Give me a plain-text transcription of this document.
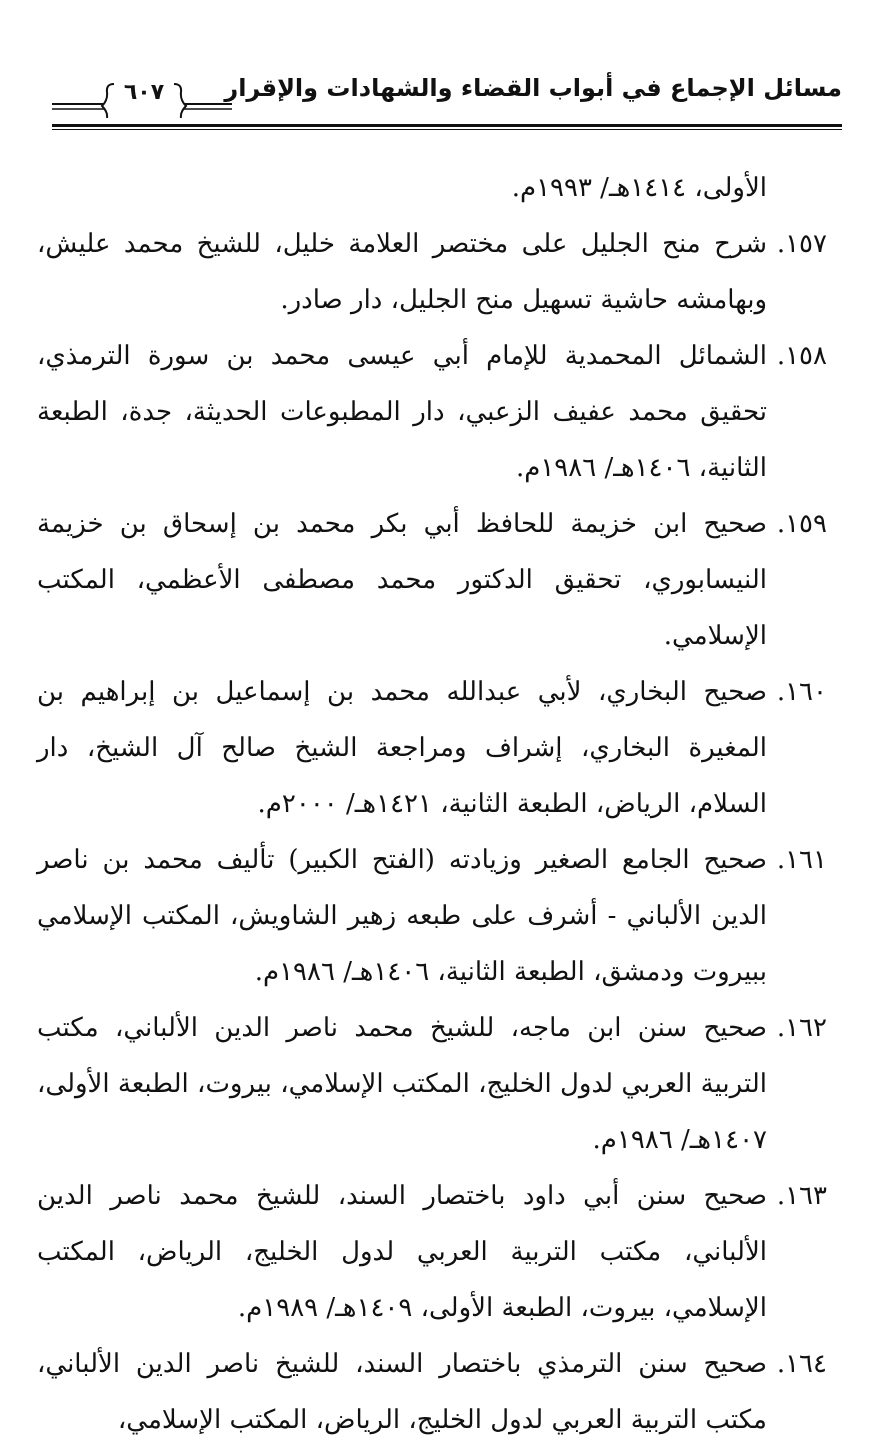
مسائل الإجماع في أبواب القضاء والشهادات والإقرار
٦٠٧
الأولى، ١٤١٤هـ/ ١٩٩٣م.
١٥٧.
شرح منح الجليل على مختصر العلامة خليل، للشيخ محمد عليش، وبهامشه حاشية تسهيل منح الجليل، دار صادر.
١٥٨.
الشمائل المحمدية للإمام أبي عيسى محمد بن سورة الترمذي، تحقيق محمد عفيف الزعبي، دار المطبوعات الحديثة، جدة، الطبعة الثانية، ١٤٠٦هـ/ ١٩٨٦م.
١٥٩.
صحيح ابن خزيمة للحافظ أبي بكر محمد بن إسحاق بن خزيمة النيسابوري، تحقيق الدكتور محمد مصطفى الأعظمي، المكتب الإسلامي.
١٦٠.
صحيح البخاري، لأبي عبدالله محمد بن إسماعيل بن إبراهيم بن المغيرة البخاري، إشراف ومراجعة الشيخ صالح آل الشيخ، دار السلام، الرياض، الطبعة الثانية، ١٤٢١هـ/ ٢٠٠٠م.
١٦١.
صحيح الجامع الصغير وزيادته (الفتح الكبير) تأليف محمد بن ناصر الدين الألباني - أشرف على طبعه زهير الشاويش، المكتب الإسلامي ببيروت ودمشق، الطبعة الثانية، ١٤٠٦هـ/ ١٩٨٦م.
١٦٢.
صحيح سنن ابن ماجه، للشيخ محمد ناصر الدين الألباني، مكتب التربية العربي لدول الخليج، المكتب الإسلامي، بيروت، الطبعة الأولى، ١٤٠٧هـ/ ١٩٨٦م.
١٦٣.
صحيح سنن أبي داود باختصار السند، للشيخ محمد ناصر الدين الألباني، مكتب التربية العربي لدول الخليج، الرياض، المكتب الإسلامي، بيروت، الطبعة الأولى، ١٤٠٩هـ/ ١٩٨٩م.
١٦٤.
صحيح سنن الترمذي باختصار السند، للشيخ ناصر الدين الألباني، مكتب التربية العربي لدول الخليج، الرياض، المكتب الإسلامي،
